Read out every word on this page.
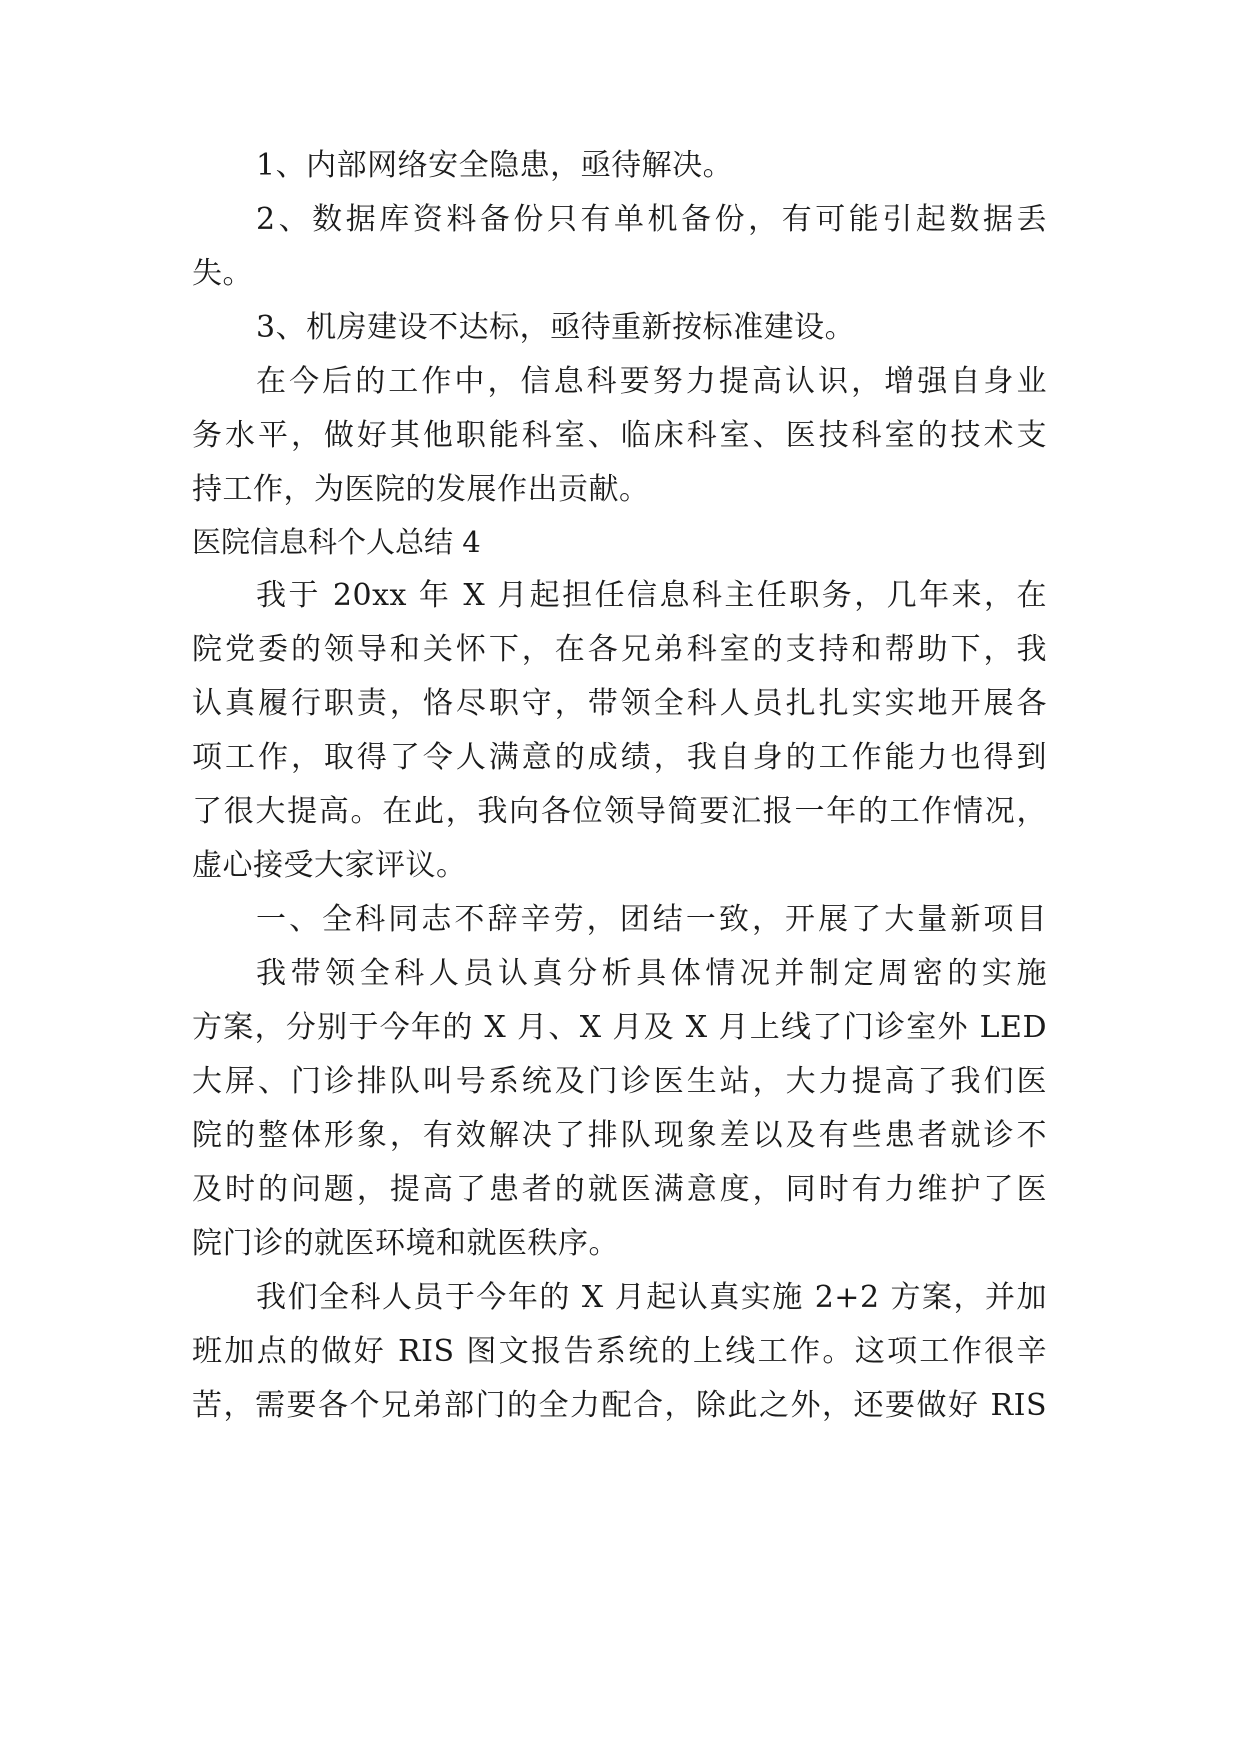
1、内部网络安全隐患，亟待解决。
2、数据库资料备份只有单机备份，有可能引起数据丢
失。
3、机房建设不达标，亟待重新按标准建设。
在今后的工作中，信息科要努力提高认识，增强自身业
务水平，做好其他职能科室、临床科室、医技科室的技术支
持工作，为医院的发展作出贡献。
医院信息科个人总结 4
我于 20xx 年 X 月起担任信息科主任职务，几年来，在
院党委的领导和关怀下，在各兄弟科室的支持和帮助下，我
认真履行职责，恪尽职守，带领全科人员扎扎实实地开展各
项工作，取得了令人满意的成绩，我自身的工作能力也得到
了很大提高。在此，我向各位领导简要汇报一年的工作情况，
虚心接受大家评议。
一、全科同志不辞辛劳，团结一致，开展了大量新项目
我带领全科人员认真分析具体情况并制定周密的实施
方案，分别于今年的 X 月、X 月及 X 月上线了门诊室外 LED
大屏、门诊排队叫号系统及门诊医生站，大力提高了我们医
院的整体形象，有效解决了排队现象差以及有些患者就诊不
及时的问题，提高了患者的就医满意度，同时有力维护了医
院门诊的就医环境和就医秩序。
我们全科人员于今年的 X 月起认真实施 2+2 方案，并加
班加点的做好 RIS 图文报告系统的上线工作。这项工作很辛
苦，需要各个兄弟部门的全力配合，除此之外，还要做好 RIS
